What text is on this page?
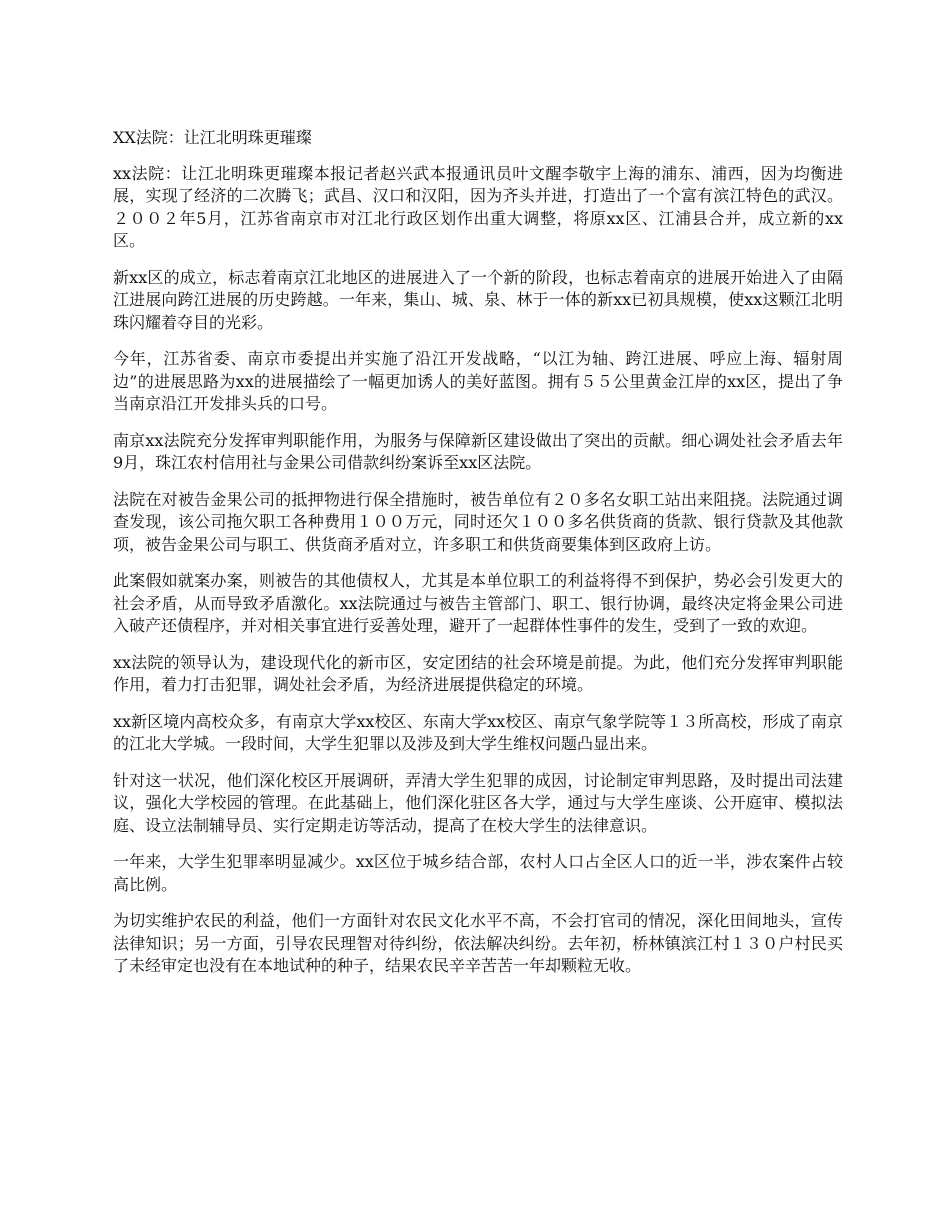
XX法院：让江北明珠更璀璨

xx法院：让江北明珠更璀璨本报记者赵兴武本报通讯员叶文醒李敬宇上海的浦东、浦西，因为均衡进展，实现了经济的二次腾飞；武昌、汉口和汉阳，因为齐头并进，打造出了一个富有滨江特色的武汉。２００２年5月，江苏省南京市对江北行政区划作出重大调整，将原xx区、江浦县合并，成立新的xx区。

新xx区的成立，标志着南京江北地区的进展进入了一个新的阶段，也标志着南京的进展开始进入了由隔江进展向跨江进展的历史跨越。一年来，集山、城、泉、林于一体的新xx已初具规模，使xx这颗江北明珠闪耀着夺目的光彩。

今年，江苏省委、南京市委提出并实施了沿江开发战略，“以江为轴、跨江进展、呼应上海、辐射周边”的进展思路为xx的进展描绘了一幅更加诱人的美好蓝图。拥有５５公里黄金江岸的xx区，提出了争当南京沿江开发排头兵的口号。

南京xx法院充分发挥审判职能作用，为服务与保障新区建设做出了突出的贡献。细心调处社会矛盾去年9月，珠江农村信用社与金果公司借款纠纷案诉至xx区法院。

法院在对被告金果公司的抵押物进行保全措施时，被告单位有２０多名女职工站出来阻挠。法院通过调查发现，该公司拖欠职工各种费用１００万元，同时还欠１００多名供货商的货款、银行贷款及其他款项，被告金果公司与职工、供货商矛盾对立，许多职工和供货商要集体到区政府上访。

此案假如就案办案，则被告的其他债权人，尤其是本单位职工的利益将得不到保护，势必会引发更大的社会矛盾，从而导致矛盾激化。xx法院通过与被告主管部门、职工、银行协调，最终决定将金果公司进入破产还债程序，并对相关事宜进行妥善处理，避开了一起群体性事件的发生，受到了一致的欢迎。

xx法院的领导认为，建设现代化的新市区，安定团结的社会环境是前提。为此，他们充分发挥审判职能作用，着力打击犯罪，调处社会矛盾，为经济进展提供稳定的环境。

xx新区境内高校众多，有南京大学xx校区、东南大学xx校区、南京气象学院等１３所高校，形成了南京的江北大学城。一段时间，大学生犯罪以及涉及到大学生维权问题凸显出来。

针对这一状况，他们深化校区开展调研，弄清大学生犯罪的成因，讨论制定审判思路，及时提出司法建议，强化大学校园的管理。在此基础上，他们深化驻区各大学，通过与大学生座谈、公开庭审、模拟法庭、设立法制辅导员、实行定期走访等活动，提高了在校大学生的法律意识。

一年来，大学生犯罪率明显减少。xx区位于城乡结合部，农村人口占全区人口的近一半，涉农案件占较高比例。

为切实维护农民的利益，他们一方面针对农民文化水平不高，不会打官司的情况，深化田间地头，宣传法律知识；另一方面，引导农民理智对待纠纷，依法解决纠纷。去年初，桥林镇滨江村１３０户村民买了未经审定也没有在本地试种的种子，结果农民辛辛苦苦一年却颗粒无收。
